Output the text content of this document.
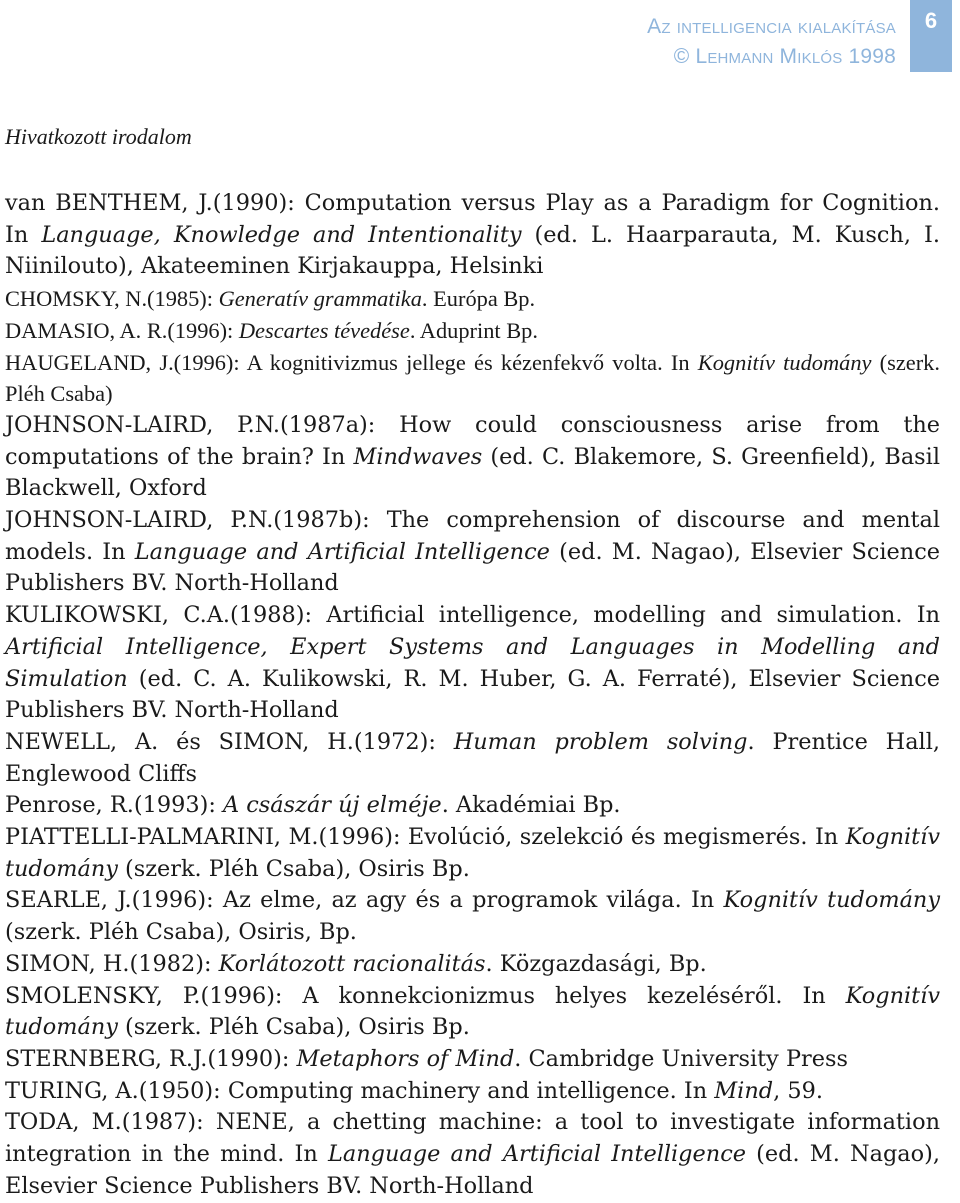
Az intelligencia kialakítása
© Lehmann Miklós 1998
6
Hivatkozott irodalom

van BENTHEM, J.(1990): Computation versus Play as a Paradigm for Cognition. In Language, Knowledge and Intentionality (ed. L. Haarparauta, M. Kusch, I. Niinilouto), Akateeminen Kirjakauppa, Helsinki

CHOMSKY, N.(1985): Generatív grammatika. Európa Bp.

DAMASIO, A. R.(1996): Descartes tévedése. Aduprint Bp.

HAUGELAND, J.(1996): A kognitivizmus jellege és kézenfekvő volta. In Kognitív tudomány (szerk. Pléh Csaba)

JOHNSON-LAIRD, P.N.(1987a): How could consciousness arise from the computations of the brain? In Mindwaves (ed. C. Blakemore, S. Greenfield), Basil Blackwell, Oxford

JOHNSON-LAIRD, P.N.(1987b): The comprehension of discourse and mental models. In Language and Artificial Intelligence (ed. M. Nagao), Elsevier Science Publishers BV. North-Holland

KULIKOWSKI, C.A.(1988): Artificial intelligence, modelling and simulation. In Artificial Intelligence, Expert Systems and Languages in Modelling and Simulation (ed. C. A. Kulikowski, R. M. Huber, G. A. Ferraté), Elsevier Science Publishers BV. North-Holland

NEWELL, A. és SIMON, H.(1972): Human problem solving. Prentice Hall, Englewood Cliffs

Penrose, R.(1993): A császár új elméje. Akadémiai Bp.

PIATTELLI-PALMARINI, M.(1996): Evolúció, szelekció és megismerés. In Kognitív tudomány (szerk. Pléh Csaba), Osiris Bp.

SEARLE, J.(1996): Az elme, az agy és a programok világa. In Kognitív tudomány (szerk. Pléh Csaba), Osiris, Bp.

SIMON, H.(1982): Korlátozott racionalitás. Közgazdasági, Bp.

SMOLENSKY, P.(1996): A konnekcionizmus helyes kezeléséről. In Kognitív tudomány (szerk. Pléh Csaba), Osiris Bp.

STERNBERG, R.J.(1990): Metaphors of Mind. Cambridge University Press

TURING, A.(1950): Computing machinery and intelligence. In Mind, 59.

TODA, M.(1987): NENE, a chetting machine: a tool to investigate information integration in the mind. In Language and Artificial Intelligence (ed. M. Nagao), Elsevier Science Publishers BV. North-Holland
